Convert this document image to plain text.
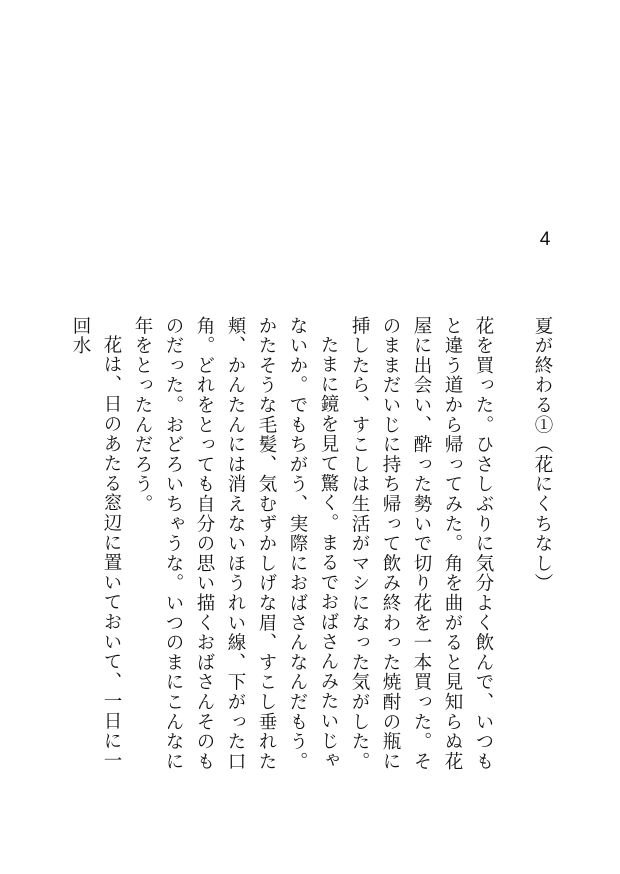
4
夏が終わる①（花にくちなし）

花を買った。ひさしぶりに気分よく飲んで、いつもと違う道から帰ってみた。角を曲がると見知らぬ花屋に出会い、酔った勢いで切り花を一本買った。そのままだいじに持ち帰って飲み終わった焼酎の瓶に挿したら、すこしは生活がマシになった気がした。

たまに鏡を見て驚く。まるでおばさんみたいじゃないか。でもちがう、実際におばさんなんだもう。かたそうな毛髪、気むずかしげな眉、すこし垂れた頬、かんたんには消えないほうれい線、下がった口角。どれをとっても自分の思い描くおばさんそのものだった。おどろいちゃうな。いつのまにこんなに年をとったんだろう。

花は、日のあたる窓辺に置いておいて、一日に一回水
